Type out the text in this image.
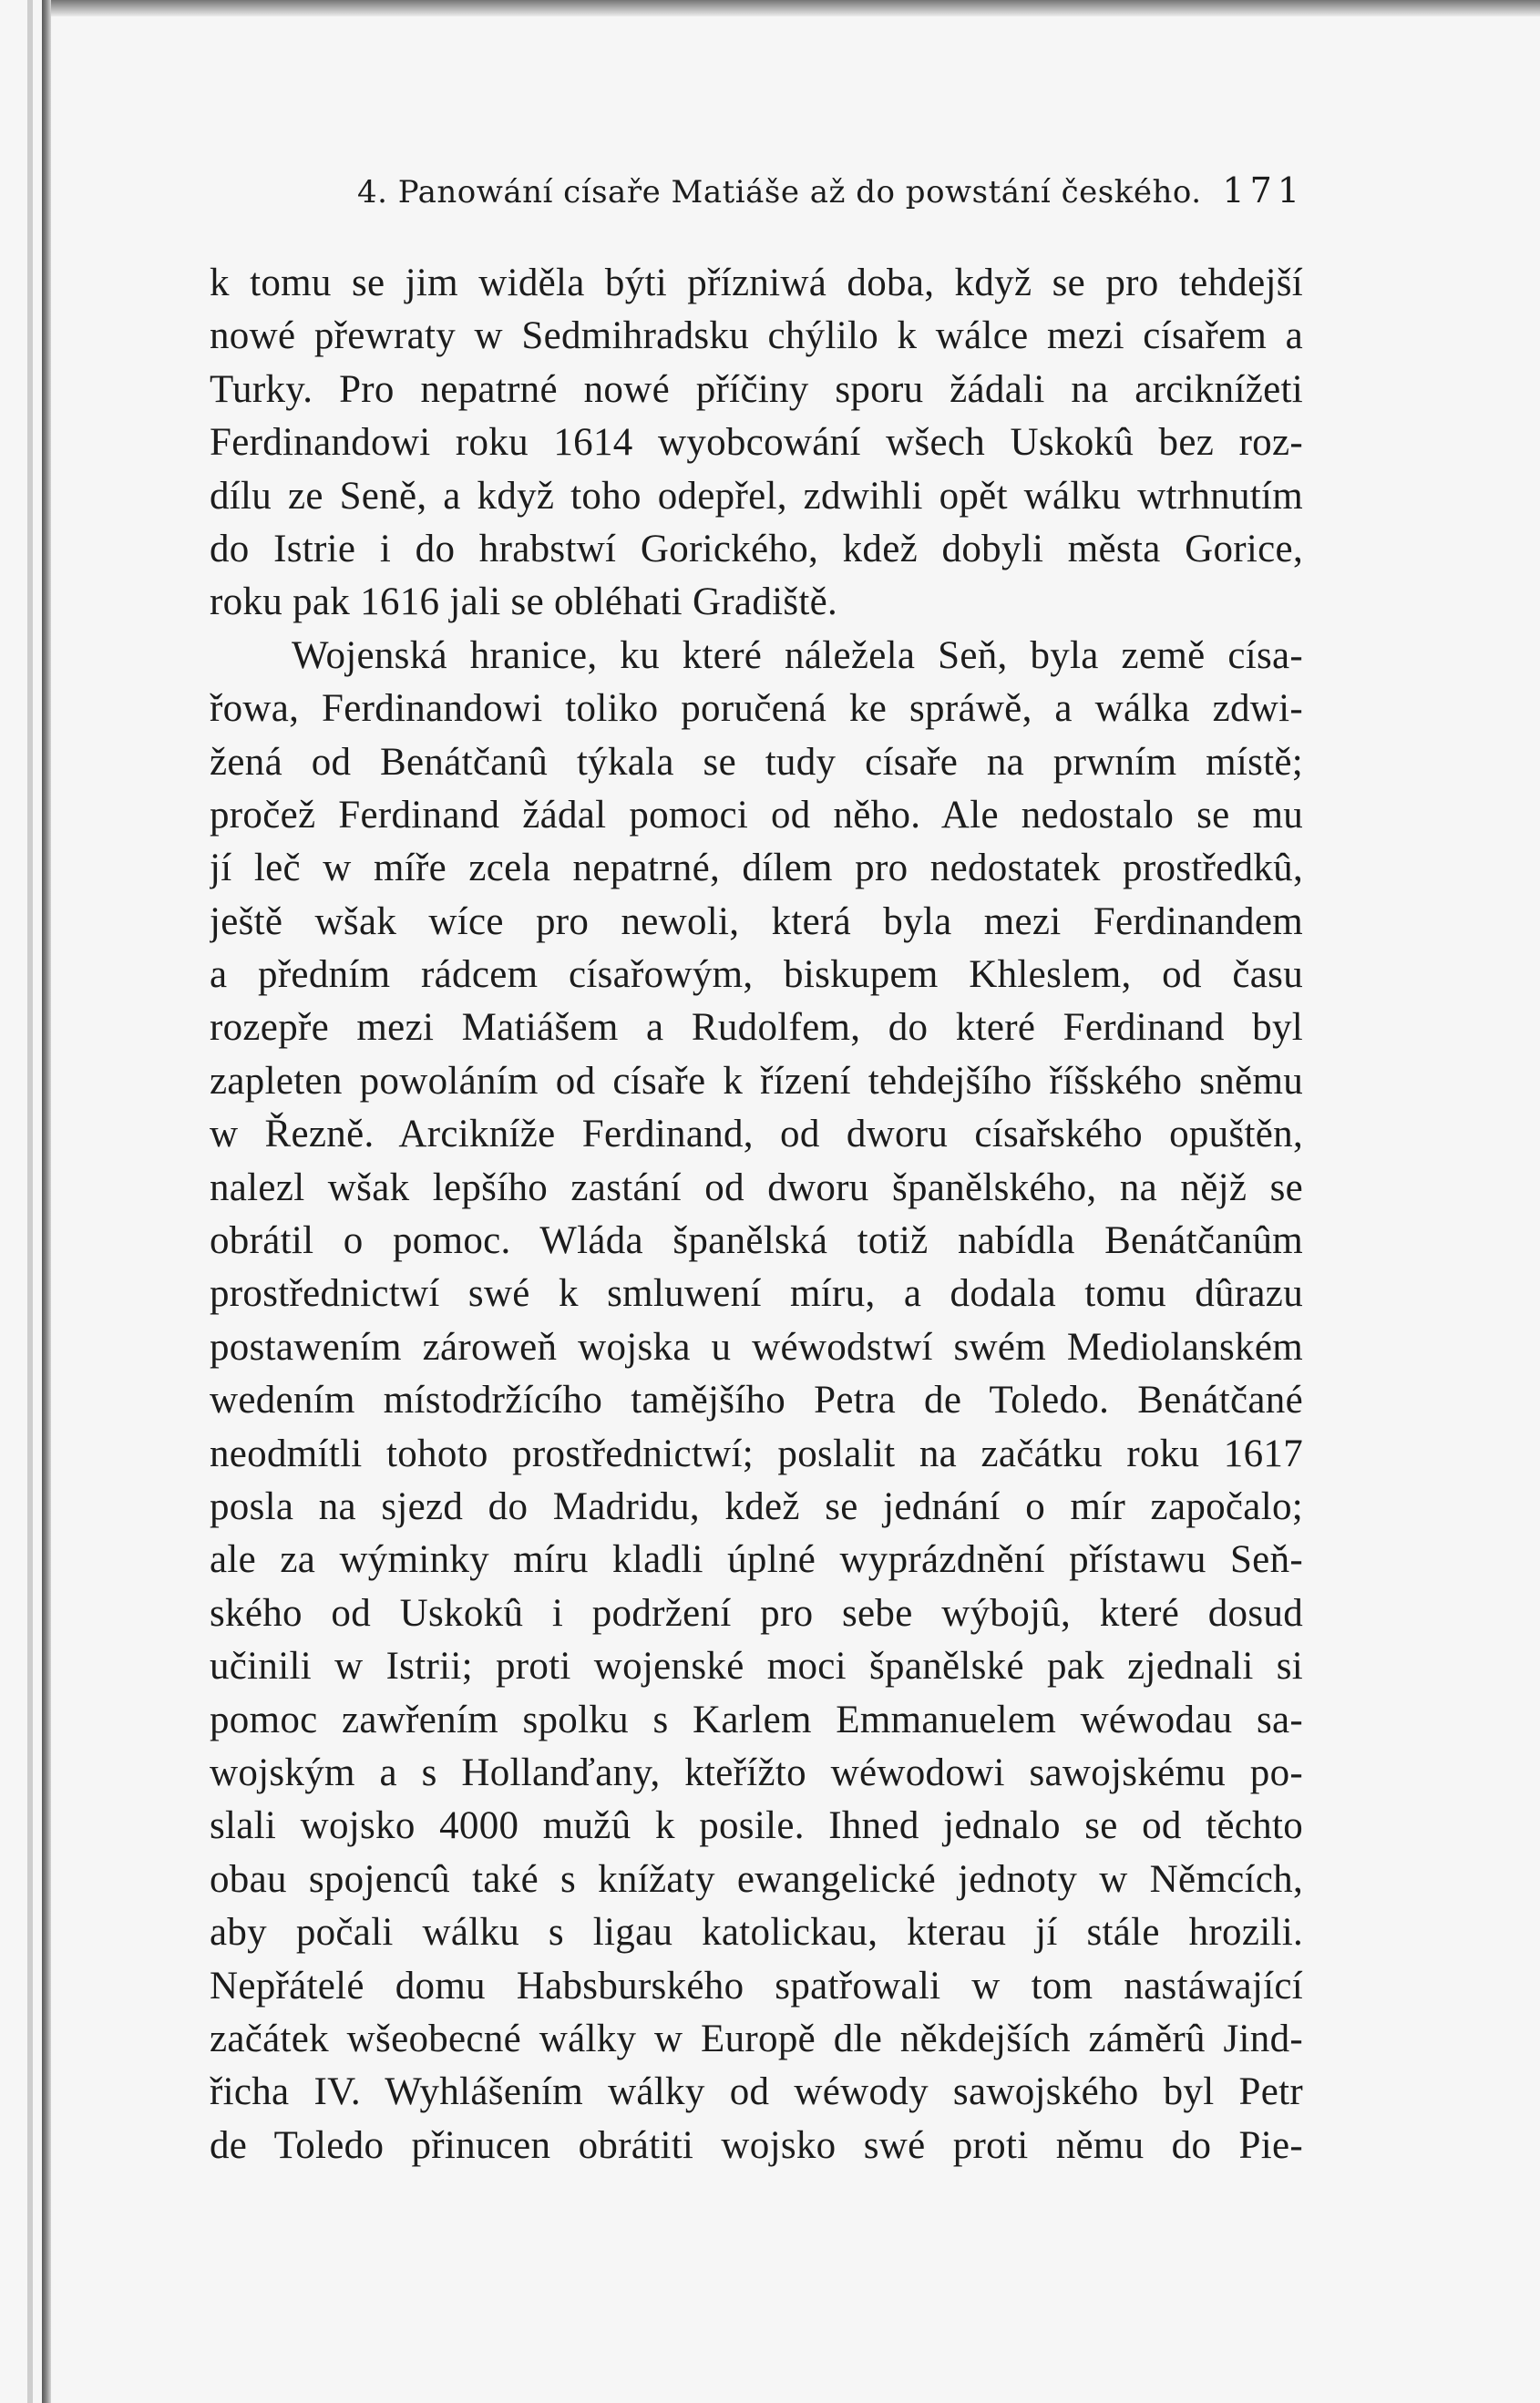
4. Panowání císaře Matiáše až do powstání českého. 171
k tomu se jim widěla býti přízniwá doba, když se pro tehdejší
nowé přewraty w Sedmihradsku chýlilo k wálce mezi císařem a
Turky. Pro nepatrné nowé příčiny sporu žádali na arciknížeti
Ferdinandowi roku 1614 wyobcowání wšech Uskokû bez roz-
dílu ze Seně, a když toho odepřel, zdwihli opět wálku wtrhnutím
do Istrie i do hrabstwí Gorického, kdež dobyli města Gorice,
roku pak 1616 jali se obléhati Gradiště.
Wojenská hranice, ku které náležela Seň, byla země císa-
řowa, Ferdinandowi toliko poručená ke spráwě, a wálka zdwi-
žená od Benátčanû týkala se tudy císaře na prwním místě;
pročež Ferdinand žádal pomoci od něho. Ale nedostalo se mu
jí leč w míře zcela nepatrné, dílem pro nedostatek prostředkû,
ještě wšak wíce pro newoli, která byla mezi Ferdinandem
a předním rádcem císařowým, biskupem Khleslem, od času
rozepře mezi Matiášem a Rudolfem, do které Ferdinand byl
zapleten powoláním od císaře k řízení tehdejšího říšského sněmu
w Řezně. Arcikníže Ferdinand, od dworu císařského opuštěn,
nalezl wšak lepšího zastání od dworu španělského, na nějž se
obrátil o pomoc. Wláda španělská totiž nabídla Benátčanûm
prostřednictwí swé k smluwení míru, a dodala tomu dûrazu
postawením zároweň wojska u wéwodstwí swém Mediolanském
wedením místodržícího tamějšího Petra de Toledo. Benátčané
neodmítli tohoto prostřednictwí; poslalit na začátku roku 1617
posla na sjezd do Madridu, kdež se jednání o mír započalo;
ale za wýminky míru kladli úplné wyprázdnění přístawu Seň-
ského od Uskokû i podržení pro sebe wýbojû, které dosud
učinili w Istrii; proti wojenské moci španělské pak zjednali si
pomoc zawřením spolku s Karlem Emmanuelem wéwodau sa-
wojským a s Hollanďany, kteřížto wéwodowi sawojskému po-
slali wojsko 4000 mužû k posile. Ihned jednalo se od těchto
obau spojencû také s knížaty ewangelické jednoty w Němcích,
aby počali wálku s ligau katolickau, kterau jí stále hrozili.
Nepřátelé domu Habsburského spatřowali w tom nastáwající
začátek wšeobecné wálky w Europě dle někdejších záměrû Jind-
řicha IV. Wyhlášením wálky od wéwody sawojského byl Petr
de Toledo přinucen obrátiti wojsko swé proti němu do Pie-
